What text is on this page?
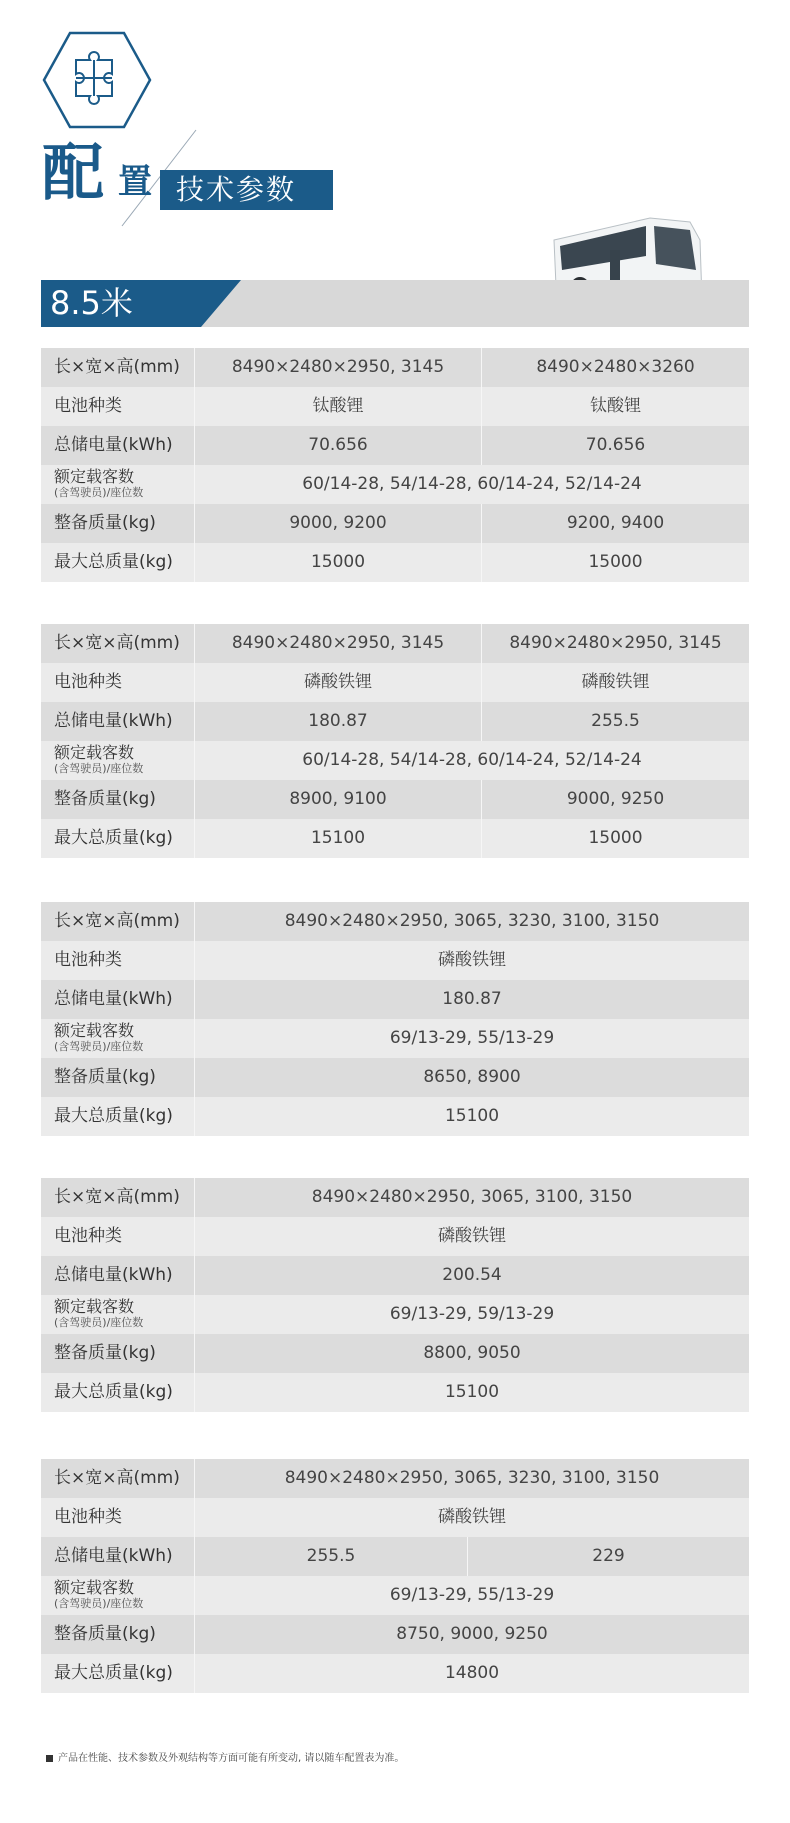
配 置 技术参数
8.5米
长×宽×高(mm)	8490×2480×2950, 3145	8490×2480×3260
电池种类	钛酸锂	钛酸锂
总储电量(kWh)	70.656	70.656
额定载客数
(含驾驶员)/座位数	60/14-28, 54/14-28, 60/14-24, 52/14-24
整备质量(kg)	9000, 9200	9200, 9400
最大总质量(kg)	15000	15000
长×宽×高(mm)	8490×2480×2950, 3145	8490×2480×2950, 3145
电池种类	磷酸铁锂	磷酸铁锂
总储电量(kWh)	180.87	255.5
额定载客数
(含驾驶员)/座位数	60/14-28, 54/14-28, 60/14-24, 52/14-24
整备质量(kg)	8900, 9100	9000, 9250
最大总质量(kg)	15100	15000
长×宽×高(mm)	8490×2480×2950, 3065, 3230, 3100, 3150
电池种类	磷酸铁锂
总储电量(kWh)	180.87
额定载客数
(含驾驶员)/座位数	69/13-29, 55/13-29
整备质量(kg)	8650, 8900
最大总质量(kg)	15100
长×宽×高(mm)	8490×2480×2950, 3065, 3100, 3150
电池种类	磷酸铁锂
总储电量(kWh)	200.54
额定载客数
(含驾驶员)/座位数	69/13-29, 59/13-29
整备质量(kg)	8800, 9050
最大总质量(kg)	15100
长×宽×高(mm)	8490×2480×2950, 3065, 3230, 3100, 3150
电池种类	磷酸铁锂
总储电量(kWh)	255.5	229
额定载客数
(含驾驶员)/座位数	69/13-29, 55/13-29
整备质量(kg)	8750, 9000, 9250
最大总质量(kg)	14800
产品在性能、技术参数及外观结构等方面可能有所变动, 请以随车配置表为准。
